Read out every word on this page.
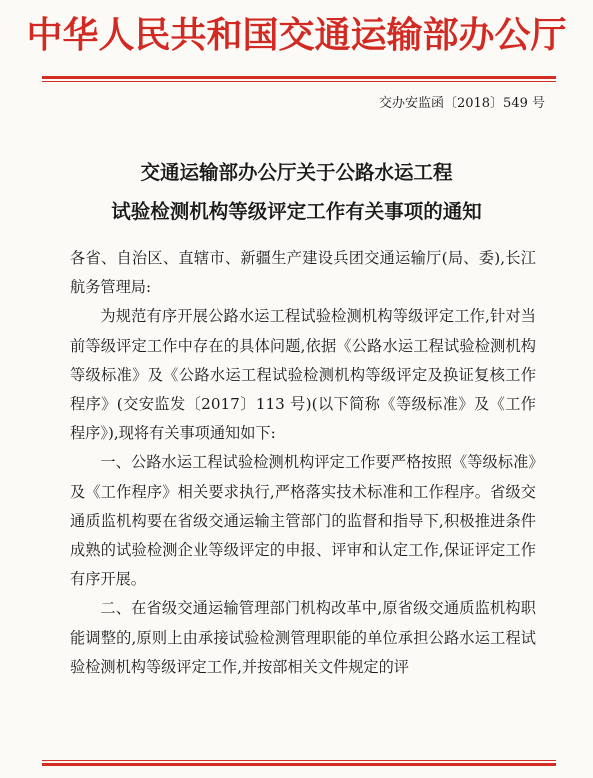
中华人民共和国交通运输部办公厅
交办安监函〔2018〕549 号
交通运输部办公厅关于公路水运工程
试验检测机构等级评定工作有关事项的通知

各省、自治区、直辖市、新疆生产建设兵团交通运输厅(局、委),长江航务管理局:

为规范有序开展公路水运工程试验检测机构等级评定工作,针对当前等级评定工作中存在的具体问题,依据《公路水运工程试验检测机构等级标准》及《公路水运工程试验检测机构等级评定及换证复核工作程序》(交安监发〔2017〕113 号)(以下简称《等级标准》及《工作程序》),现将有关事项通知如下:

一、公路水运工程试验检测机构评定工作要严格按照《等级标准》及《工作程序》相关要求执行,严格落实技术标准和工作程序。省级交通质监机构要在省级交通运输主管部门的监督和指导下,积极推进条件成熟的试验检测企业等级评定的申报、评审和认定工作,保证评定工作有序开展。

二、在省级交通运输管理部门机构改革中,原省级交通质监机构职能调整的,原则上由承接试验检测管理职能的单位承担公路水运工程试验检测机构等级评定工作,并按部相关文件规定的评
